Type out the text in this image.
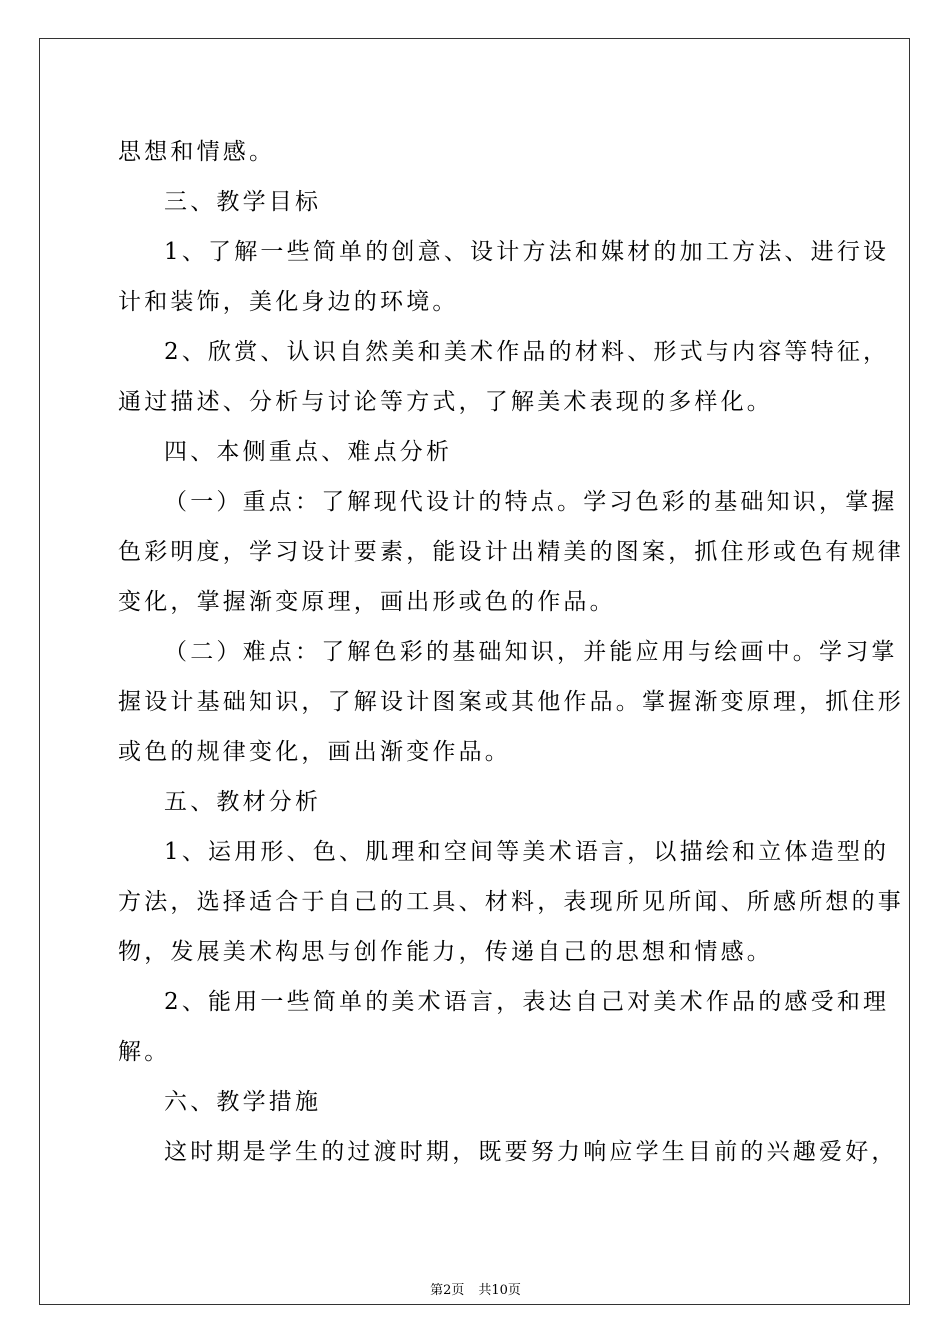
思想和情感。
三、教学目标
1、了解一些简单的创意、设计方法和媒材的加工方法、进行设
计和装饰，美化身边的环境。
2、欣赏、认识自然美和美术作品的材料、形式与内容等特征，
通过描述、分析与讨论等方式，了解美术表现的多样化。
四、本侧重点、难点分析
（一）重点：了解现代设计的特点。学习色彩的基础知识，掌握
色彩明度，学习设计要素，能设计出精美的图案，抓住形或色有规律
变化，掌握渐变原理，画出形或色的作品。
（二）难点：了解色彩的基础知识，并能应用与绘画中。学习掌
握设计基础知识，了解设计图案或其他作品。掌握渐变原理，抓住形
或色的规律变化，画出渐变作品。
五、教材分析
1、运用形、色、肌理和空间等美术语言，以描绘和立体造型的
方法，选择适合于自己的工具、材料，表现所见所闻、所感所想的事
物，发展美术构思与创作能力，传递自己的思想和情感。
2、能用一些简单的美术语言，表达自己对美术作品的感受和理
解。
六、教学措施
这时期是学生的过渡时期，既要努力响应学生目前的兴趣爱好，
第2页 共10页
